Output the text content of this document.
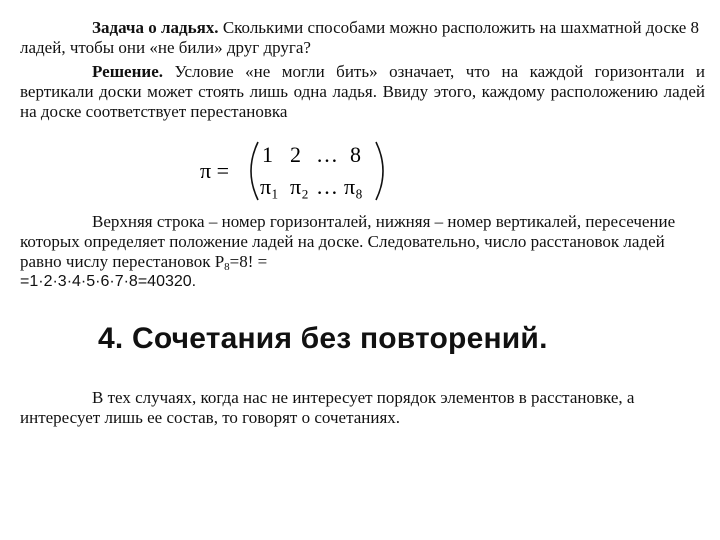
Задача о ладьях. Сколькими способами можно расположить на шахматной доске 8 ладей, чтобы они «не били» друг друга?
Решение. Условие «не могли бить» означает, что на каждой горизонтали и вертикали доски может стоять лишь одна ладья. Ввиду этого, каждому расположению ладей на доске соответствует перестановка
π =
1 2 … 8
π₁ π₂ … π₈
Верхняя строка – номер горизонталей, нижняя – номер вертикалей, пересечение которых определяет положение ладей на доске. Следовательно, число расстановок ладей равно числу перестановок $P_8=8$! =
=1·2·3·4·5·6·7·8=40320.
4. Сочетания без повторений.
В тех случаях, когда нас не интересует порядок элементов в расстановке, а интересует лишь ее состав, то говорят о сочетаниях.
